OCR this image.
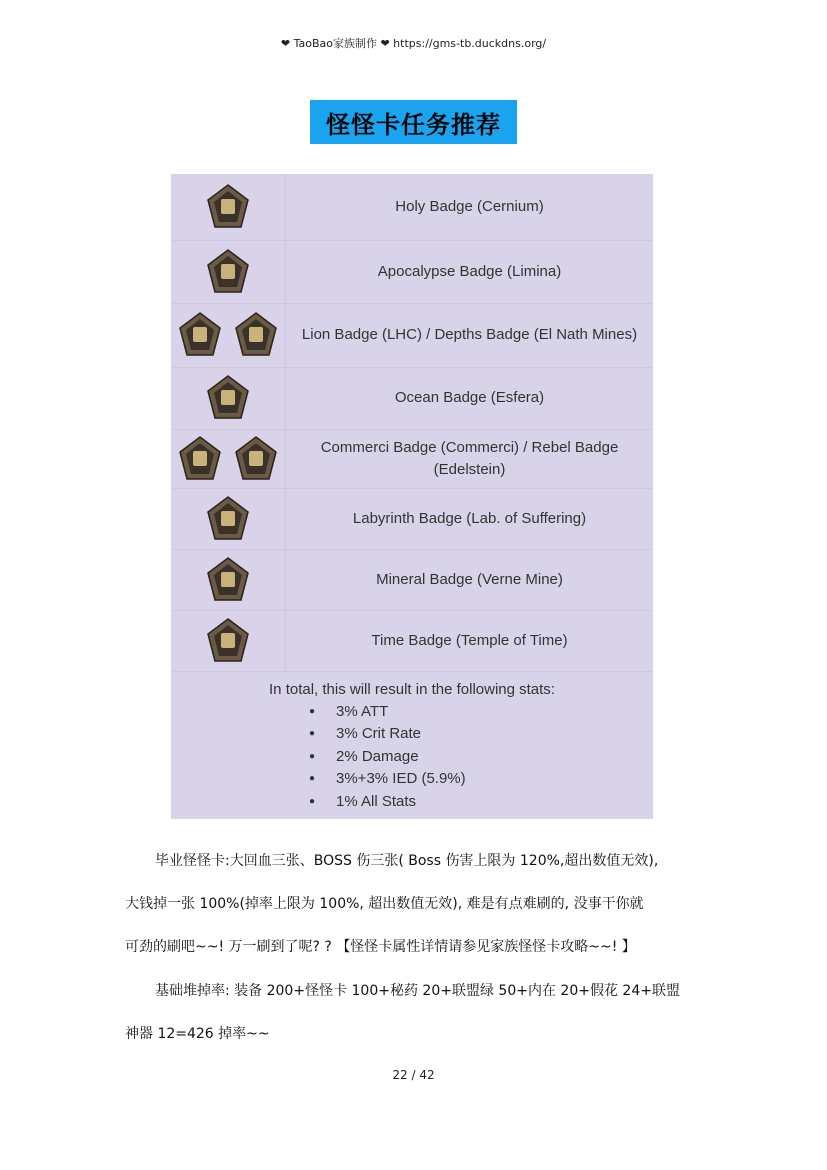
❤ TaoBao家族制作 ❤ https://gms-tb.duckdns.org/
怪怪卡任务推荐
In total, this will result in the following stats:
● 3% ATT
● 3% Crit Rate
● 2% Damage
● 3%+3% IED (5.9%)
● 1% All Stats
Holy Badge (Cernium)
Apocalypse Badge (Limina)
Lion Badge (LHC) / Depths Badge (El Nath Mines)
Ocean Badge (Esfera)
Commerci Badge (Commerci) / Rebel Badge (Edelstein)
Labyrinth Badge (Lab. of Suffering)
Mineral Badge (Verne Mine)
Time Badge (Temple of Time)
毕业怪怪卡:大回血三张、BOSS 伤三张( Boss 伤害上限为 120%,超出数值无效),
大钱掉一张 100%(掉率上限为 100%, 超出数值无效), 难是有点难刷的, 没事干你就
可劲的刷吧~~! 万一刷到了呢? ? 【怪怪卡属性详情请参见家族怪怪卡攻略~~! 】
基础堆掉率: 装备 200+怪怪卡 100+秘药 20+联盟绿 50+内在 20+假花 24+联盟
神器 12=426 掉率~~
22 / 42
